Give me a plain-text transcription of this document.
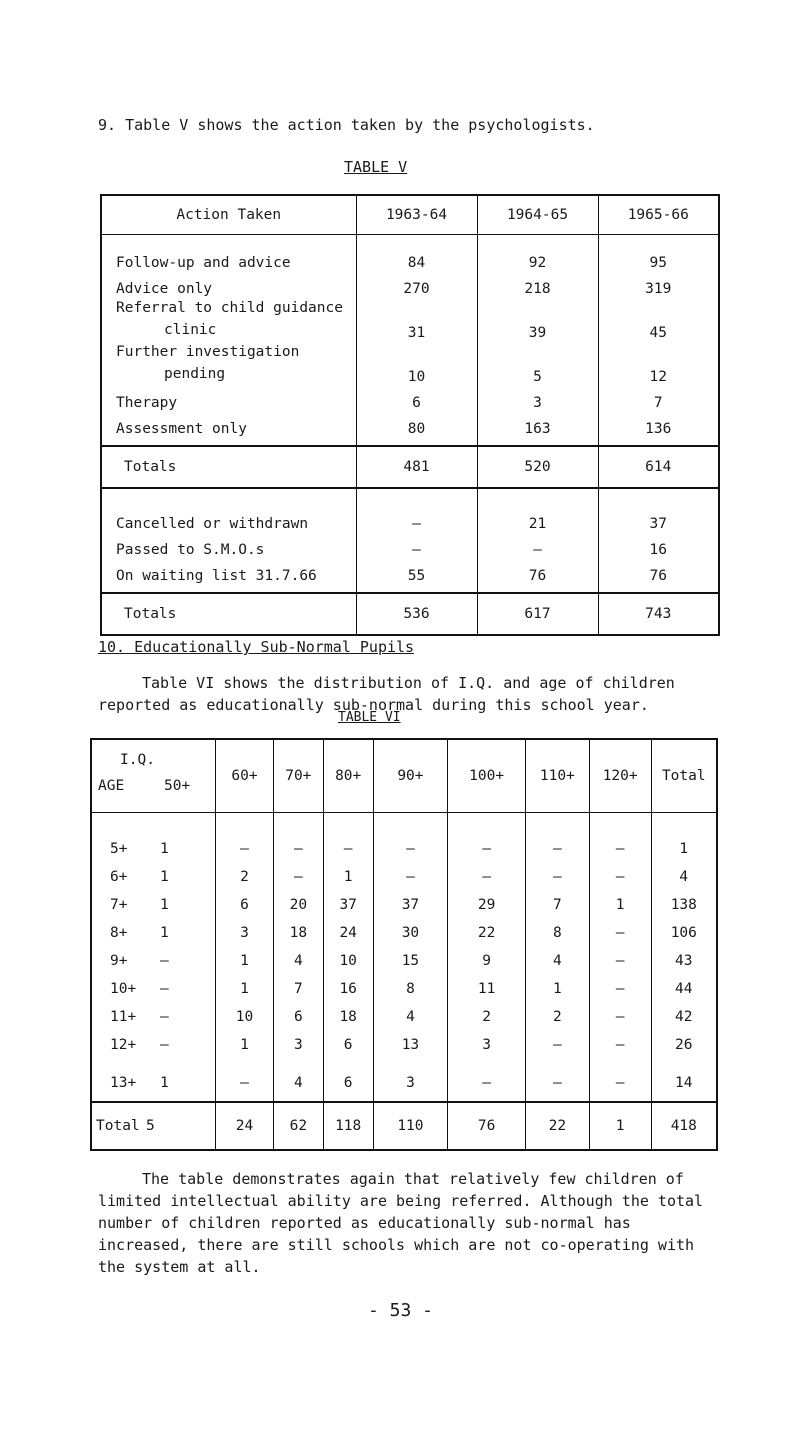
9. Table V shows the action taken by the psychologists.
TABLE V
Action Taken	1963-64	1964-65	1965-66
Follow-up and advice	84	92	95
Advice only	270	218	319
Referral to child guidance
clinic	31	39	45
Further investigation
pending	10	5	12
Therapy	6	3	7
Assessment only	80	163	136
Totals	481	520	614
Cancelled or withdrawn	–	21	37
Passed to S.M.O.s	–	–	16
On waiting list 31.7.66	55	76	76
Totals	536	617	743
10. Educationally Sub-Normal Pupils
Table VI shows the distribution of I.Q. and age of children reported as educationally sub-normal during this school year.
TABLE VI
I.Q.
AGE 50+	60+	70+	80+	90+	100+	110+	120+	Total
5+ 1	–	–	–	–	–	–	–	1
6+ 1	2	–	1	–	–	–	–	4
7+ 1	6	20	37	37	29	7	1	138
8+ 1	3	18	24	30	22	8	–	106
9+ –	1	4	10	15	9	4	–	43
10+ –	1	7	16	8	11	1	–	44
11+ –	10	6	18	4	2	2	–	42
12+ –	1	3	6	13	3	–	–	26
13+ 1	–	4	6	3	–	–	–	14
Total 5	24	62	118	110	76	22	1	418
The table demonstrates again that relatively few children of limited intellectual ability are being referred. Although the total number of children reported as educationally sub-normal has increased, there are still schools which are not co-operating with the system at all.
- 53 -
